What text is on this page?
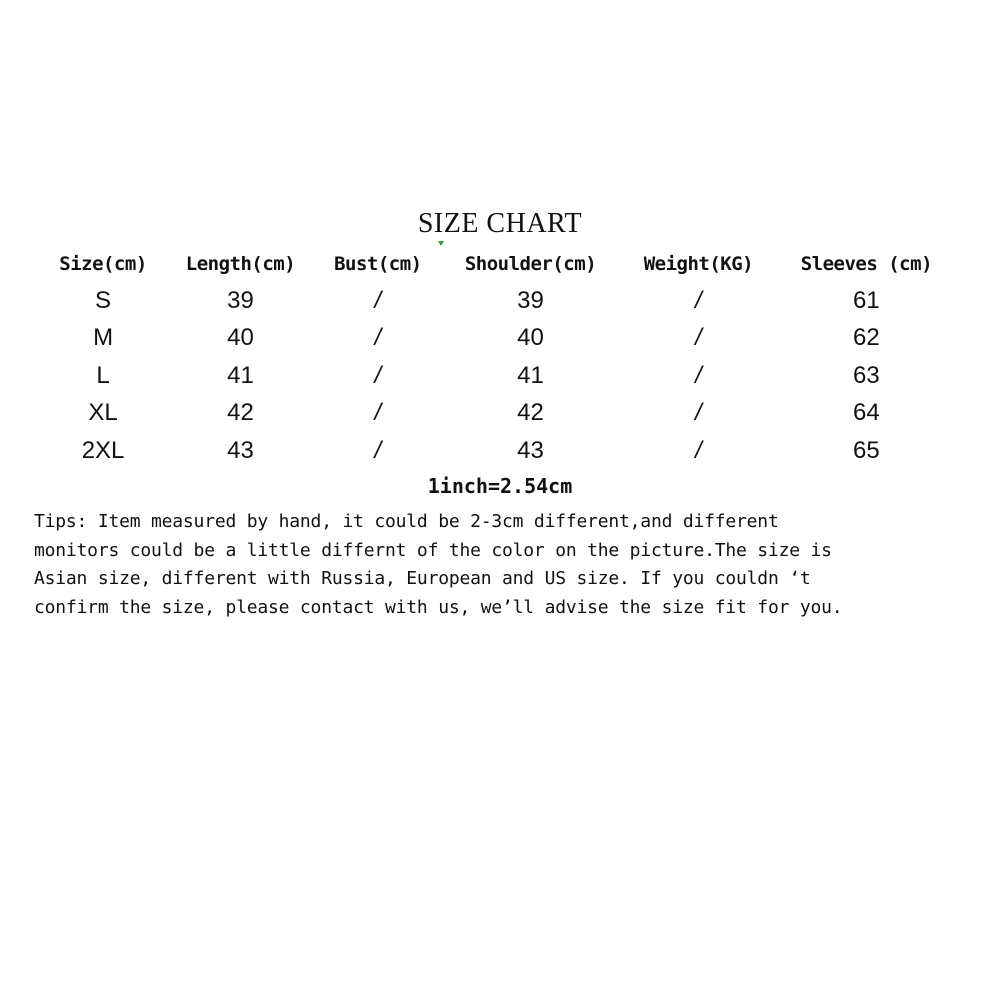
SIZE CHART
Size(cm)	Length(cm)	Bust(cm)	Shoulder(cm)	Weight(KG)	Sleeves (cm)
S	39	/	39	/	61
M	40	/	40	/	62
L	41	/	41	/	63
XL	42	/	42	/	64
2XL	43	/	43	/	65
1inch=2.54cm

Tips: Item measured by hand, it could be 2-3cm different,and different
monitors could be a little differnt of the color on the picture.The size is
Asian size, different with Russia, European and US size. If you couldn ‘t
confirm the size, please contact with us, we’ll advise the size fit for you.
